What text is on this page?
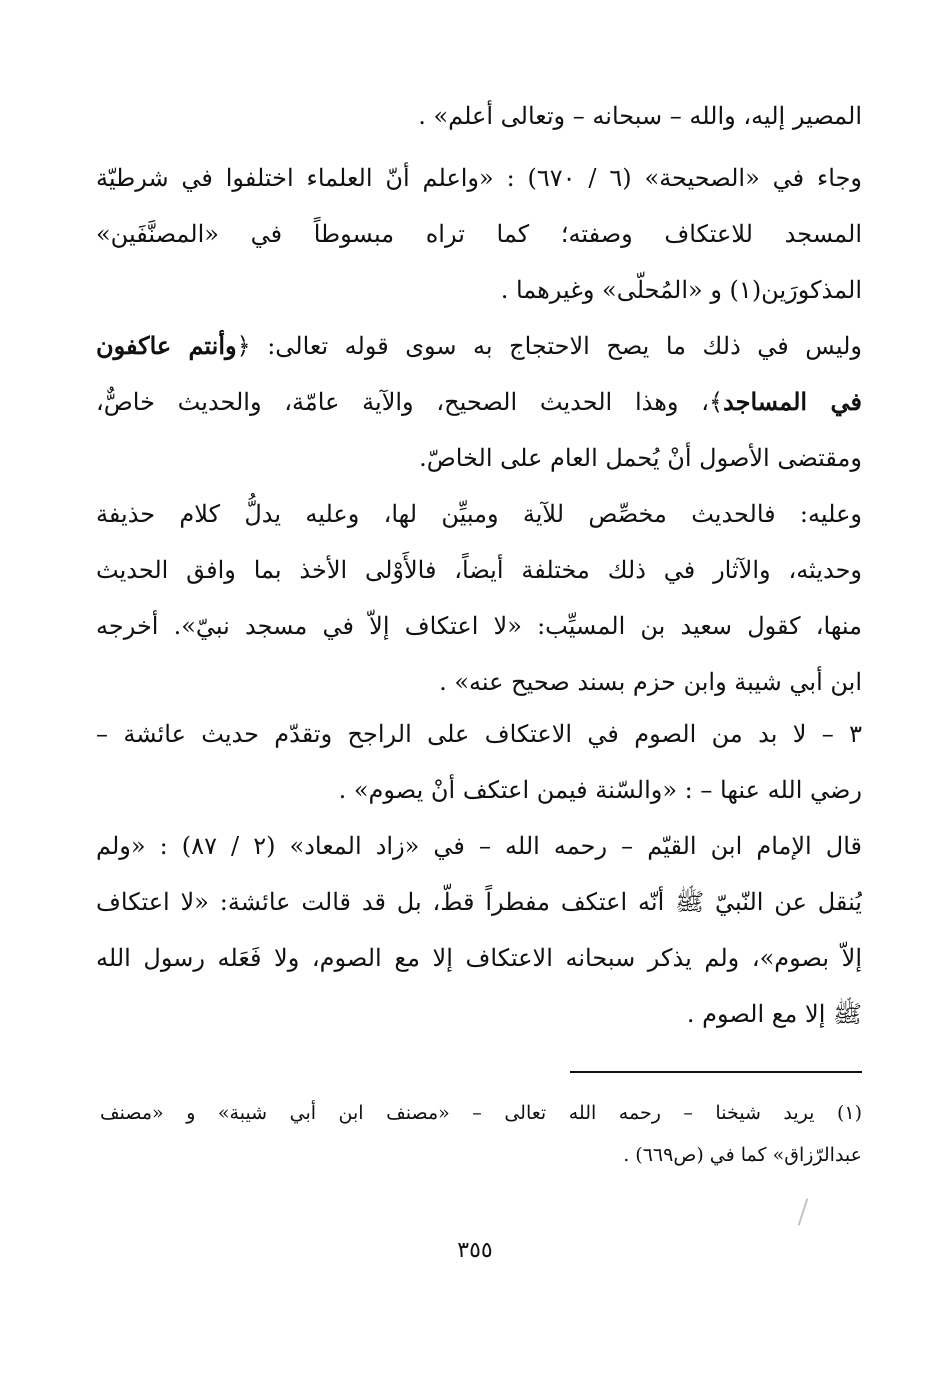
المصير إليه، والله – سبحانه – وتعالى أعلم» .
وجاء في «الصحيحة» (٦ / ٦٧٠) : «واعلم أنّ العلماء اختلفوا في شرطيّة
المسجد للاعتكاف وصفته؛ كما تراه مبسوطاً في «المصنَّفَين»
المذكورَين(١) و «المُحلّى» وغيرهما .
وليس في ذلك ما يصح الاحتجاج به سوى قوله تعالى: ﴿وأنتم عاكفون
في المساجد﴾، وهذا الحديث الصحيح، والآية عامّة، والحديث خاصٌّ،
ومقتضى الأصول أنْ يُحمل العام على الخاصّ.
وعليه: فالحديث مخصِّص للآية ومبيِّن لها، وعليه يدلُّ كلام حذيفة
وحديثه، والآثار في ذلك مختلفة أيضاً، فالأَوْلى الأخذ بما وافق الحديث
منها، كقول سعيد بن المسيِّب: «لا اعتكاف إلاّ في مسجد نبيّ». أخرجه
ابن أبي شيبة وابن حزم بسند صحيح عنه» .
٣ – لا بد من الصوم في الاعتكاف على الراجح وتقدّم حديث عائشة –
رضي الله عنها – : «والسّنة فيمن اعتكف أنْ يصوم» .
قال الإمام ابن القيّم – رحمه الله – في «زاد المعاد» (٢ / ٨٧) : «ولم
يُنقل عن النّبيّ ﷺ أنّه اعتكف مفطراً قطّ، بل قد قالت عائشة: «لا اعتكاف
إلاّ بصوم»، ولم يذكر سبحانه الاعتكاف إلا مع الصوم، ولا فَعَله رسول الله
ﷺ إلا مع الصوم .
(١) يريد شيخنا – رحمه الله تعالى – «مصنف ابن أبي شيبة» و «مصنف
عبدالرّزاق» كما في (ص٦٦٩) .
٣٥٥
